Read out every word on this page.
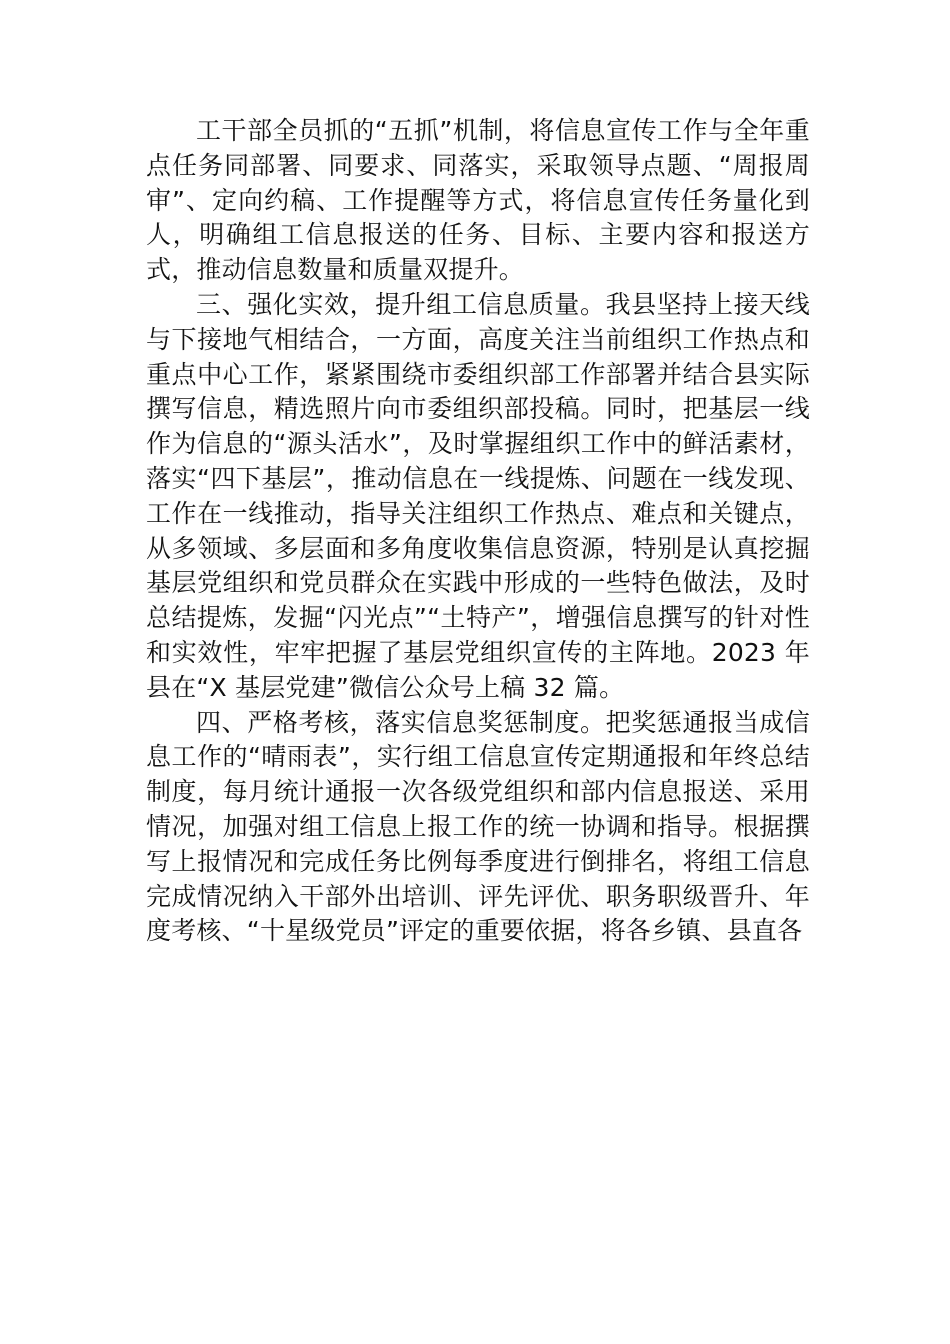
工干部全员抓的“五抓”机制，将信息宣传工作与全年重点任务同部署、同要求、同落实，采取领导点题、“周报周审”、定向约稿、工作提醒等方式，将信息宣传任务量化到人，明确组工信息报送的任务、目标、主要内容和报送方式，推动信息数量和质量双提升。

三、强化实效，提升组工信息质量。我县坚持上接天线与下接地气相结合，一方面，高度关注当前组织工作热点和重点中心工作，紧紧围绕市委组织部工作部署并结合县实际撰写信息，精选照片向市委组织部投稿。同时，把基层一线作为信息的“源头活水”，及时掌握组织工作中的鲜活素材，落实“四下基层”，推动信息在一线提炼、问题在一线发现、工作在一线推动，指导关注组织工作热点、难点和关键点，从多领域、多层面和多角度收集信息资源，特别是认真挖掘基层党组织和党员群众在实践中形成的一些特色做法，及时总结提炼，发掘“闪光点”“土特产”，增强信息撰写的针对性和实效性，牢牢把握了基层党组织宣传的主阵地。2023 年县在“X 基层党建”微信公众号上稿 32 篇。

四、严格考核，落实信息奖惩制度。把奖惩通报当成信息工作的“晴雨表”，实行组工信息宣传定期通报和年终总结制度，每月统计通报一次各级党组织和部内信息报送、采用情况，加强对组工信息上报工作的统一协调和指导。根据撰写上报情况和完成任务比例每季度进行倒排名，将组工信息完成情况纳入干部外出培训、评先评优、职务职级晋升、年度考核、“十星级党员”评定的重要依据，将各乡镇、县直各
